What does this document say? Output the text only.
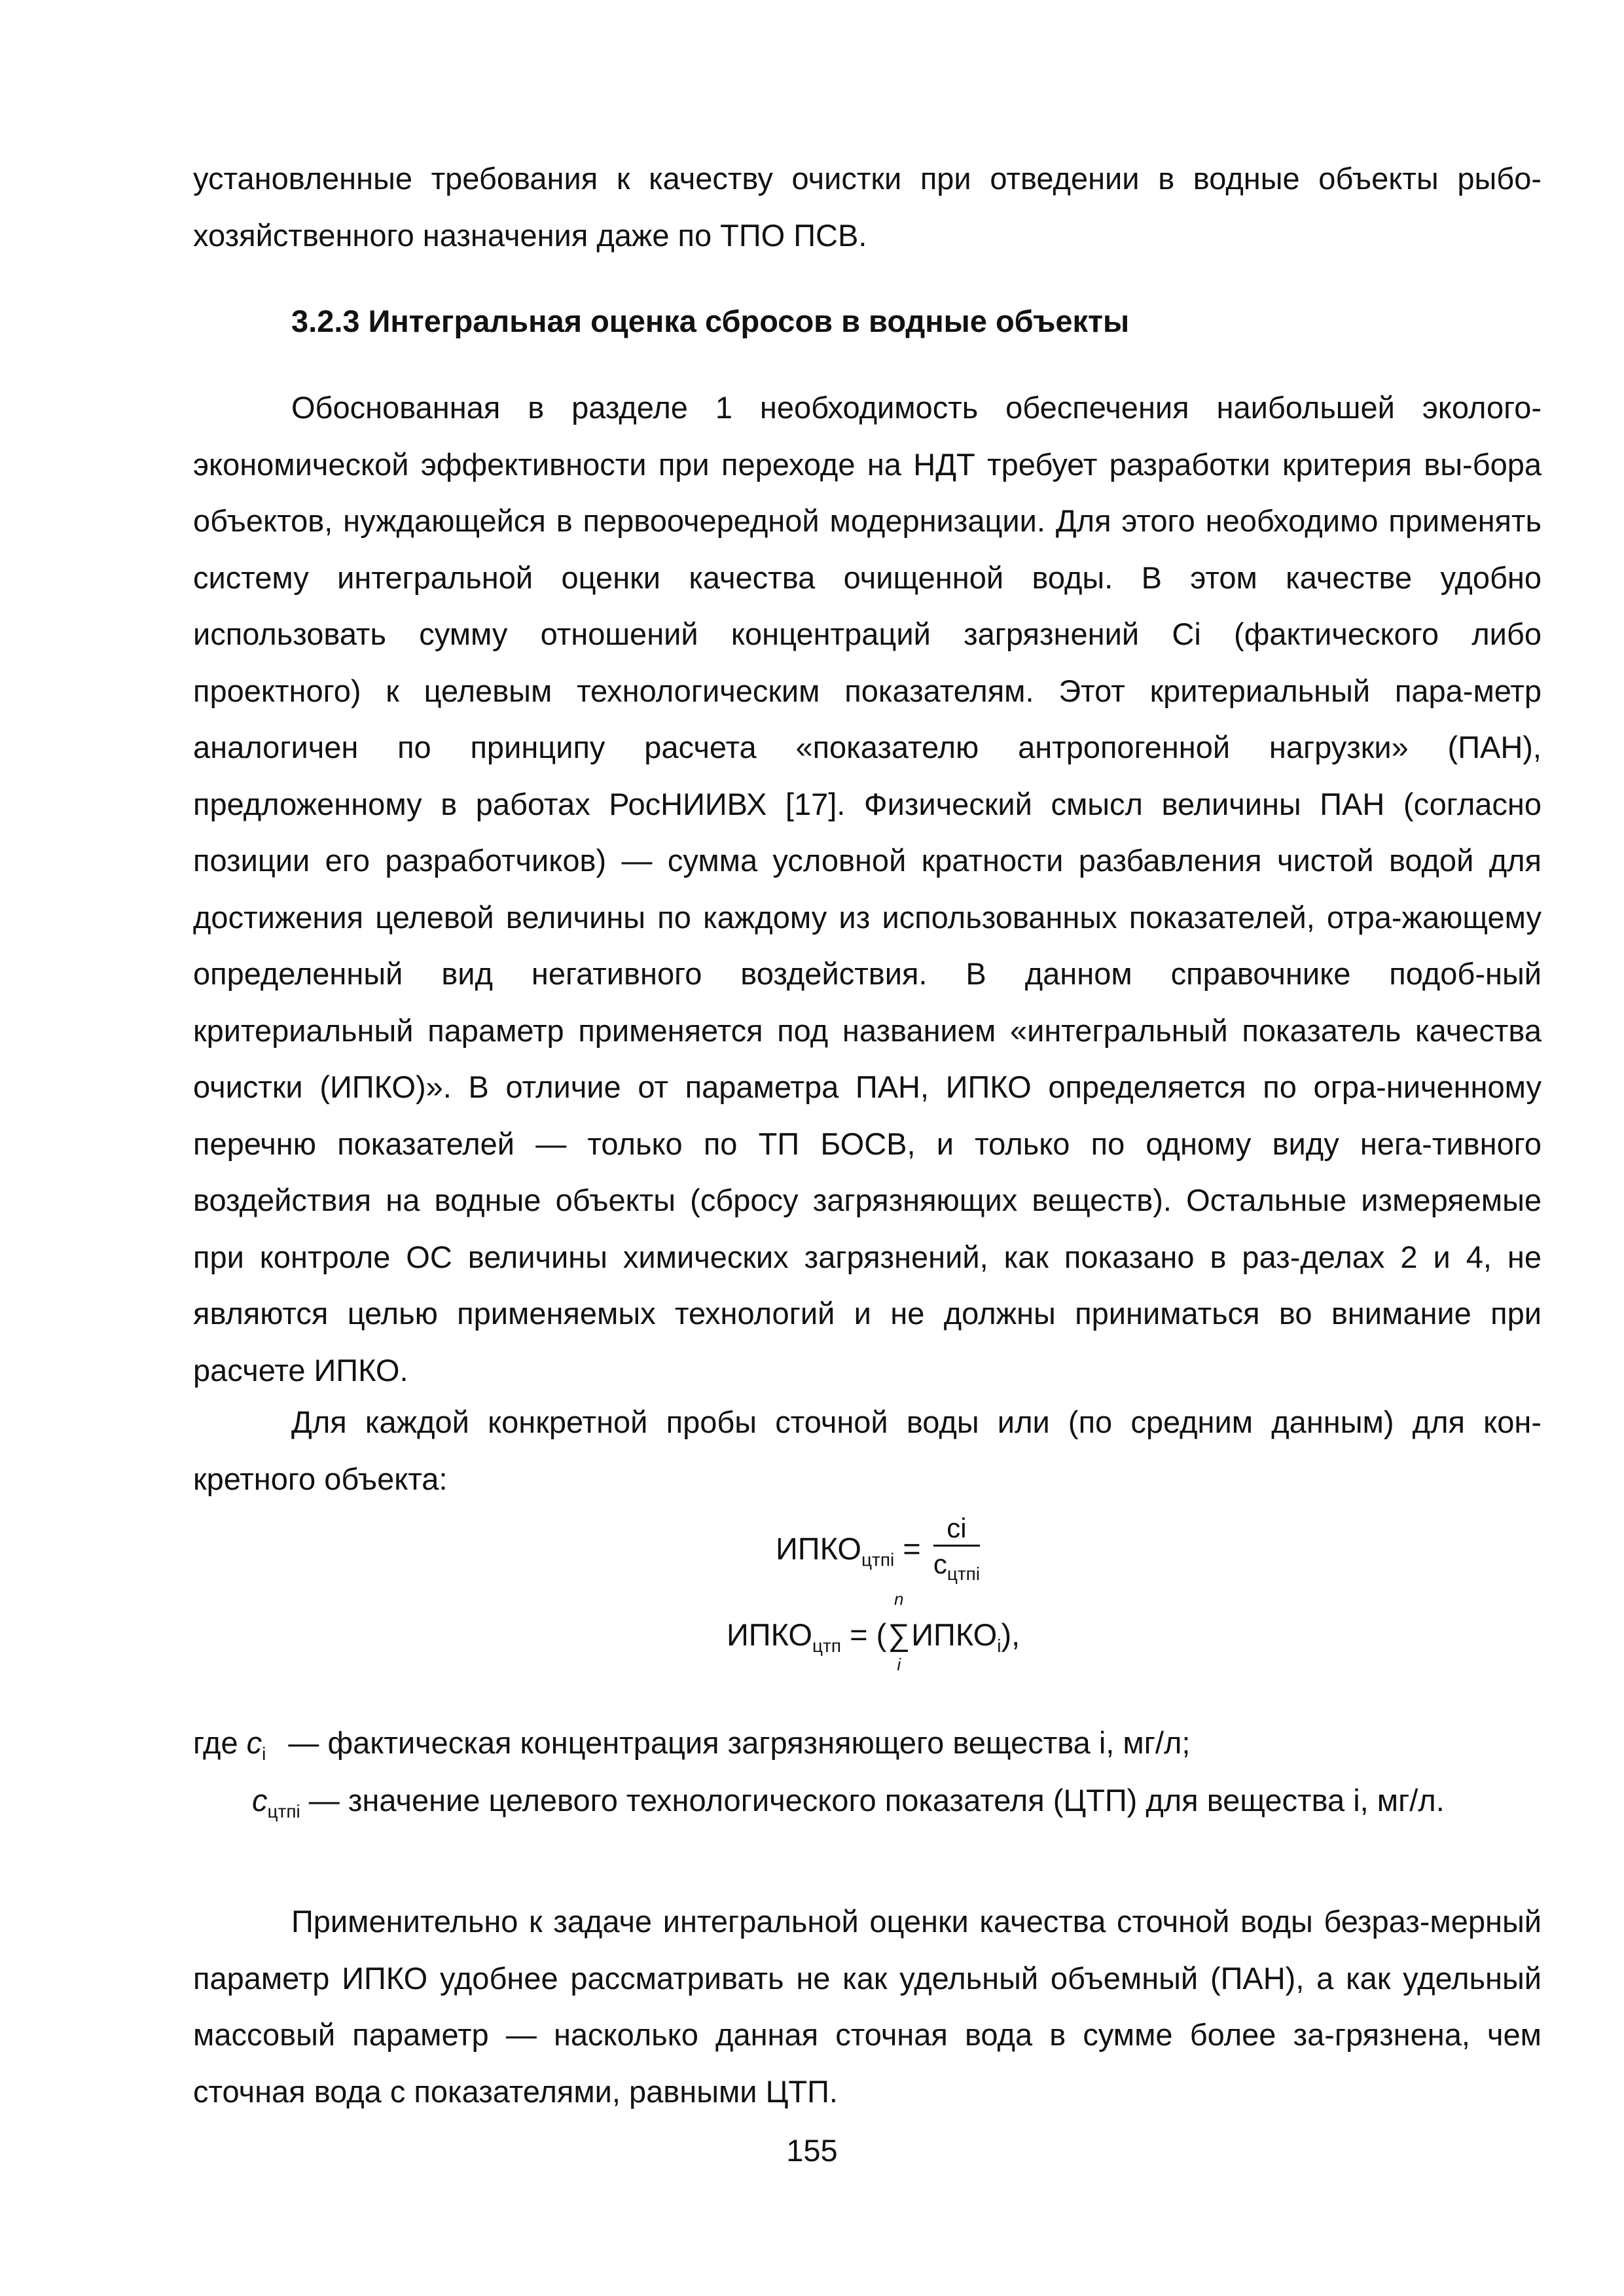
установленные требования к качеству очистки при отведении в водные объекты рыбо-хозяйственного назначения даже по ТПО ПСВ.
3.2.3 Интегральная оценка сбросов в водные объекты
Обоснованная в разделе 1 необходимость обеспечения наибольшей эколого-экономической эффективности при переходе на НДТ требует разработки критерия вы-бора объектов, нуждающейся в первоочередной модернизации. Для этого необходимо применять систему интегральной оценки качества очищенной воды. В этом качестве удобно использовать сумму отношений концентраций загрязнений Ci (фактического либо проектного) к целевым технологическим показателям. Этот критериальный пара-метр аналогичен по принципу расчета «показателю антропогенной нагрузки» (ПАН), предложенному в работах РосНИИВХ [17]. Физический смысл величины ПАН (согласно позиции его разработчиков) — сумма условной кратности разбавления чистой водой для достижения целевой величины по каждому из использованных показателей, отра-жающему определенный вид негативного воздействия. В данном справочнике подоб-ный критериальный параметр применяется под названием «интегральный показатель качества очистки (ИПКО)». В отличие от параметра ПАН, ИПКО определяется по огра-ниченному перечню показателей — только по ТП БОСВ, и только по одному виду нега-тивного воздействия на водные объекты (сбросу загрязняющих веществ). Остальные измеряемые при контроле ОС величины химических загрязнений, как показано в раз-делах 2 и 4, не являются целью применяемых технологий и не должны приниматься во внимание при расчете ИПКО.
Для каждой конкретной пробы сточной воды или (по средним данным) для кон-кретного объекта:
$ИПКО_{цтпi} = \frac{ci}{с_{цтпi}}$
$ИПКО_{цтп}$ = (
n
∑
i
$ИПКО_i$),
где $c_i$ — фактическая концентрация загрязняющего вещества i, мг/л;
$c_{цтпi}$ — значение целевого технологического показателя (ЦТП) для вещества i, мг/л.
Применительно к задаче интегральной оценки качества сточной воды безраз-мерный параметр ИПКО удобнее рассматривать не как удельный объемный (ПАН), а как удельный массовый параметр — насколько данная сточная вода в сумме более за-грязнена, чем сточная вода с показателями, равными ЦТП.
155
